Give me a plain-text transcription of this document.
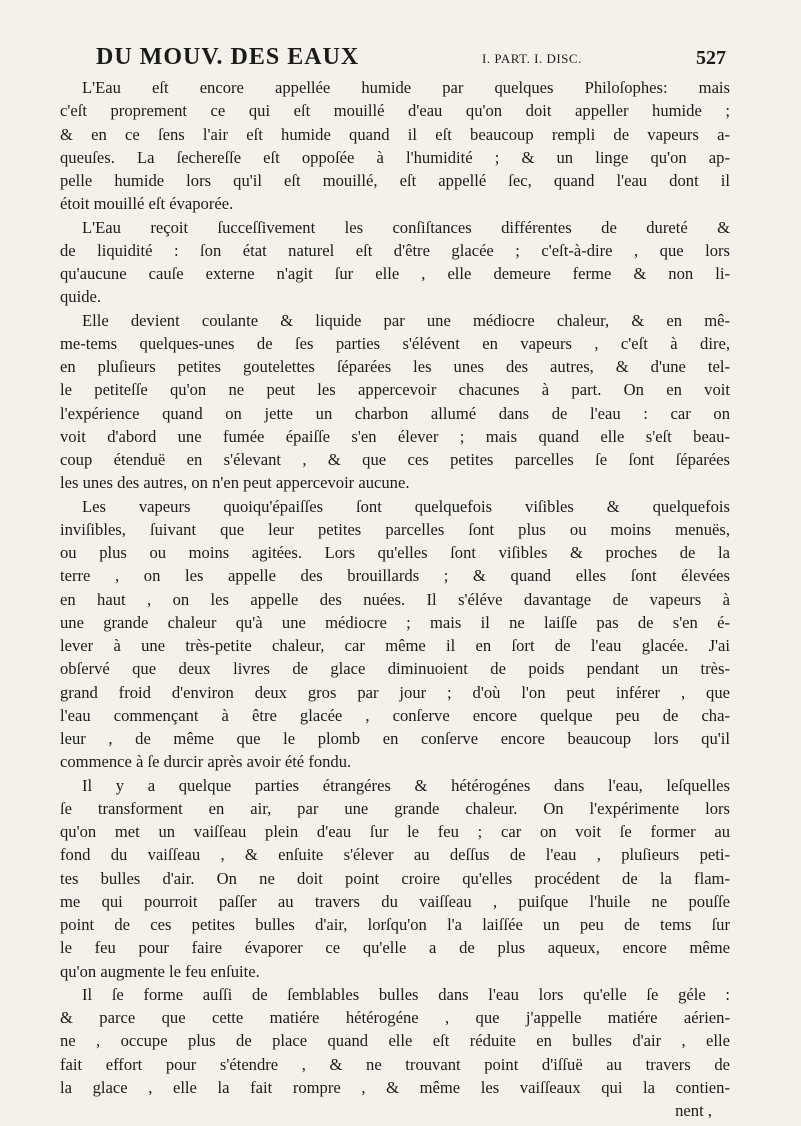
DU MOUV. DES EAUX	I. PART. I. DISC.	527
L'Eau eſt encore appellée humide par quelques Philoſophes: mais
c'eſt proprement ce qui eſt mouillé d'eau qu'on doit appeller humide ;
& en ce ſens l'air eſt humide quand il eſt beaucoup rempli de vapeurs a-
queuſes. La ſechereſſe eſt oppoſée à l'humidité ; & un linge qu'on ap-
pelle humide lors qu'il eſt mouillé, eſt appellé ſec, quand l'eau dont il
étoit mouillé eſt évaporée.
L'Eau reçoit ſucceſſivement les conſiſtances différentes de dureté &
de liquidité : ſon état naturel eſt d'être glacée ; c'eſt-à-dire , que lors
qu'aucune cauſe externe n'agit ſur elle , elle demeure ferme & non li-
quide.
Elle devient coulante & liquide par une médiocre chaleur, & en mê-
me-tems quelques-unes de ſes parties s'élévent en vapeurs , c'eſt à dire,
en pluſieurs petites goutelettes ſéparées les unes des autres, & d'une tel-
le petiteſſe qu'on ne peut les appercevoir chacunes à part. On en voit
l'expérience quand on jette un charbon allumé dans de l'eau : car on
voit d'abord une fumée épaiſſe s'en élever ; mais quand elle s'eſt beau-
coup étenduë en s'élevant , & que ces petites parcelles ſe ſont ſéparées
les unes des autres, on n'en peut appercevoir aucune.
Les vapeurs quoiqu'épaiſſes ſont quelquefois viſibles & quelquefois
inviſibles, ſuivant que leur petites parcelles ſont plus ou moins menuës,
ou plus ou moins agitées. Lors qu'elles ſont viſibles & proches de la
terre , on les appelle des brouillards ; & quand elles ſont élevées
en haut , on les appelle des nuées. Il s'éléve davantage de vapeurs à
une grande chaleur qu'à une médiocre ; mais il ne laiſſe pas de s'en é-
lever à une très-petite chaleur, car même il en ſort de l'eau glacée. J'ai
obſervé que deux livres de glace diminuoient de poids pendant un très-
grand froid d'environ deux gros par jour ; d'où l'on peut inférer , que
l'eau commençant à être glacée , conſerve encore quelque peu de cha-
leur , de même que le plomb en conſerve encore beaucoup lors qu'il
commence à ſe durcir après avoir été fondu.
Il y a quelque parties étrangéres & hétérogénes dans l'eau, leſquelles
ſe transforment en air, par une grande chaleur. On l'expérimente lors
qu'on met un vaiſſeau plein d'eau ſur le feu ; car on voit ſe former au
fond du vaiſſeau , & enſuite s'élever au deſſus de l'eau , pluſieurs peti-
tes bulles d'air. On ne doit point croire qu'elles procédent de la flam-
me qui pourroit paſſer au travers du vaiſſeau , puiſque l'huile ne pouſſe
point de ces petites bulles d'air, lorſqu'on l'a laiſſée un peu de tems ſur
le feu pour faire évaporer ce qu'elle a de plus aqueux, encore même
qu'on augmente le feu enſuite.
Il ſe forme auſſi de ſemblables bulles dans l'eau lors qu'elle ſe géle :
& parce que cette matiére hétérogéne , que j'appelle matiére aérien-
ne , occupe plus de place quand elle eſt réduite en bulles d'air , elle
fait effort pour s'étendre , & ne trouvant point d'iſſuë au travers de
la glace , elle la fait rompre , & même les vaiſſeaux qui la contien-
nent ,
